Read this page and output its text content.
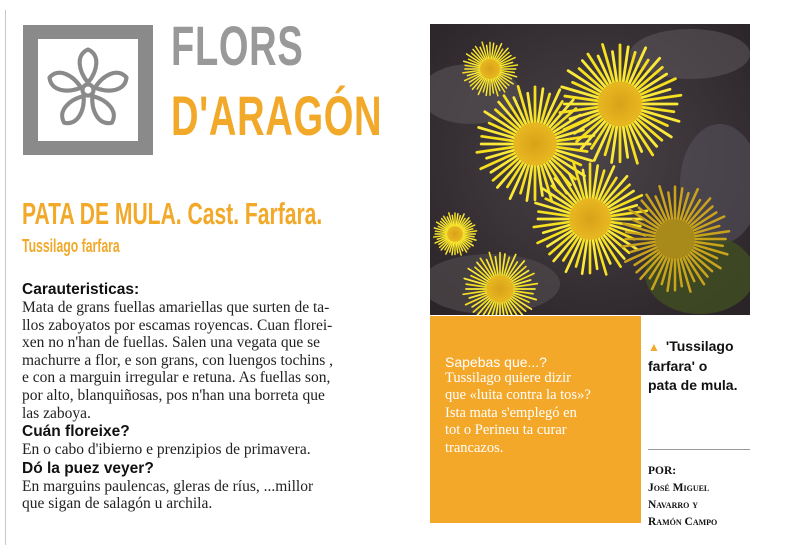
FLORS
D'ARAGÓN
PATA DE MULA. Cast. Farfara.
Tussilago farfara
Carauteristicas:
Mata de grans fuellas amariellas que surten de ta-
llos zaboyatos por escamas royencas. Cuan florei-
xen no n'han de fuellas. Salen una vegata que se
machurre a flor, e son grans, con luengos tochins ,
e con a marguin irregular e retuna. As fuellas son,
por alto, blanquiñosas, pos n'han una borreta que
las zaboya.
Cuán floreixe?
En o cabo d'ibierno e prenzipios de primavera.
Dó la puez veyer?
En marguins paulencas, gleras de ríus, ...millor
que sigan de salagón u archila.
Sapebas que...?
Tussilago quiere dizir
que «luita contra la tos»?
Ista mata s'emplegó en
tot o Perineu ta curar
trancazos.
▲ 'Tussilago
farfara' o
pata de mula.
POR:
José Miguel
Navarro y
Ramón Campo
